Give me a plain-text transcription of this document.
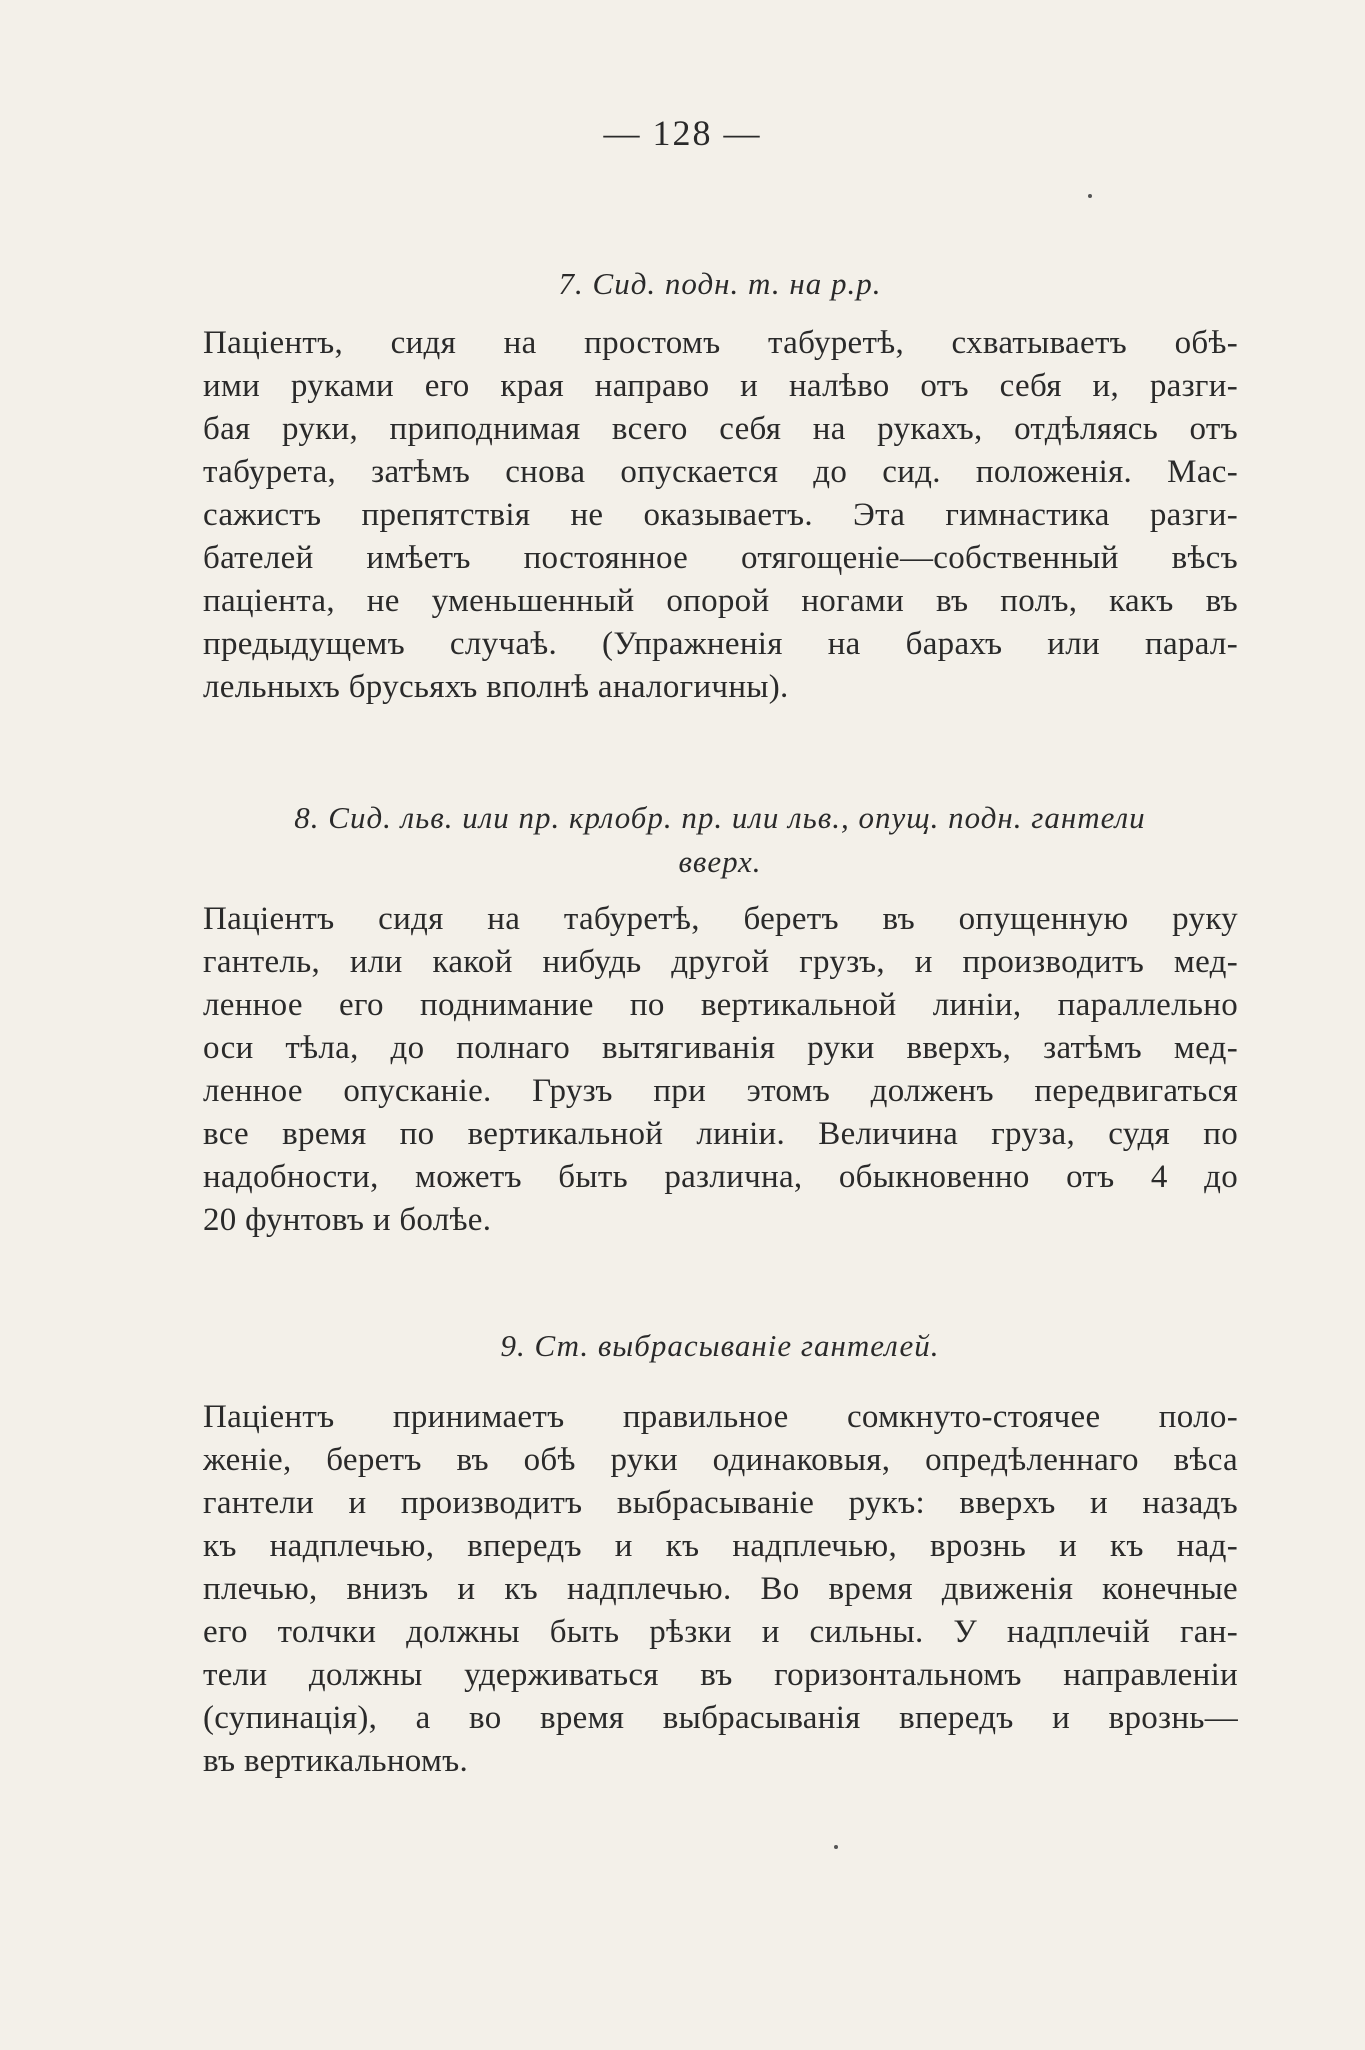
— 128 —
7. Сид. подн. т. на р.р.
Пацiентъ, сидя на простомъ табуретѣ, схватываетъ обѣ-
ими руками его края направо и налѣво отъ себя и, разги-
бая руки, приподнимая всего себя на рукахъ, отдѣляясь отъ
табурета, затѣмъ снова опускается до сид. положенiя. Мас-
сажистъ препятствiя не оказываетъ. Эта гимнастика разги-
бателей имѣетъ постоянное отягощенiе—собственный вѣсъ
пацiента, не уменьшенный опорой ногами въ полъ, какъ въ
предыдущемъ случаѣ. (Упражненiя на барахъ или парал-
лельныхъ брусьяхъ вполнѣ аналогичны).
8. Сид. льв. или пр. крлобр. пр. или льв., опущ. подн. гантели
вверх.
Пацiентъ сидя на табуретѣ, беретъ въ опущенную руку
гантель, или какой нибудь другой грузъ, и производитъ мед-
ленное его поднимание по вертикальной линiи, параллельно
оси тѣла, до полнаго вытягиванiя руки вверхъ, затѣмъ мед-
ленное опусканiе. Грузъ при этомъ долженъ передвигаться
все время по вертикальной линiи. Величина груза, судя по
надобности, можетъ быть различна, обыкновенно отъ 4 до
20 фунтовъ и болѣе.
9. Ст. выбрасыванiе гантелей.
Пацiентъ принимаетъ правильное сомкнуто-стоячее поло-
женiе, беретъ въ обѣ руки одинаковыя, опредѣленнаго вѣса
гантели и производитъ выбрасыванiе рукъ: вверхъ и назадъ
къ надплечью, впередъ и къ надплечью, врознь и къ над-
плечью, внизъ и къ надплечью. Во время движенiя конечные
его толчки должны быть рѣзки и сильны. У надплечiй ган-
тели должны удерживаться въ горизонтальномъ направленiи
(супинацiя), а во время выбрасыванiя впередъ и врознь—
въ вертикальномъ.
